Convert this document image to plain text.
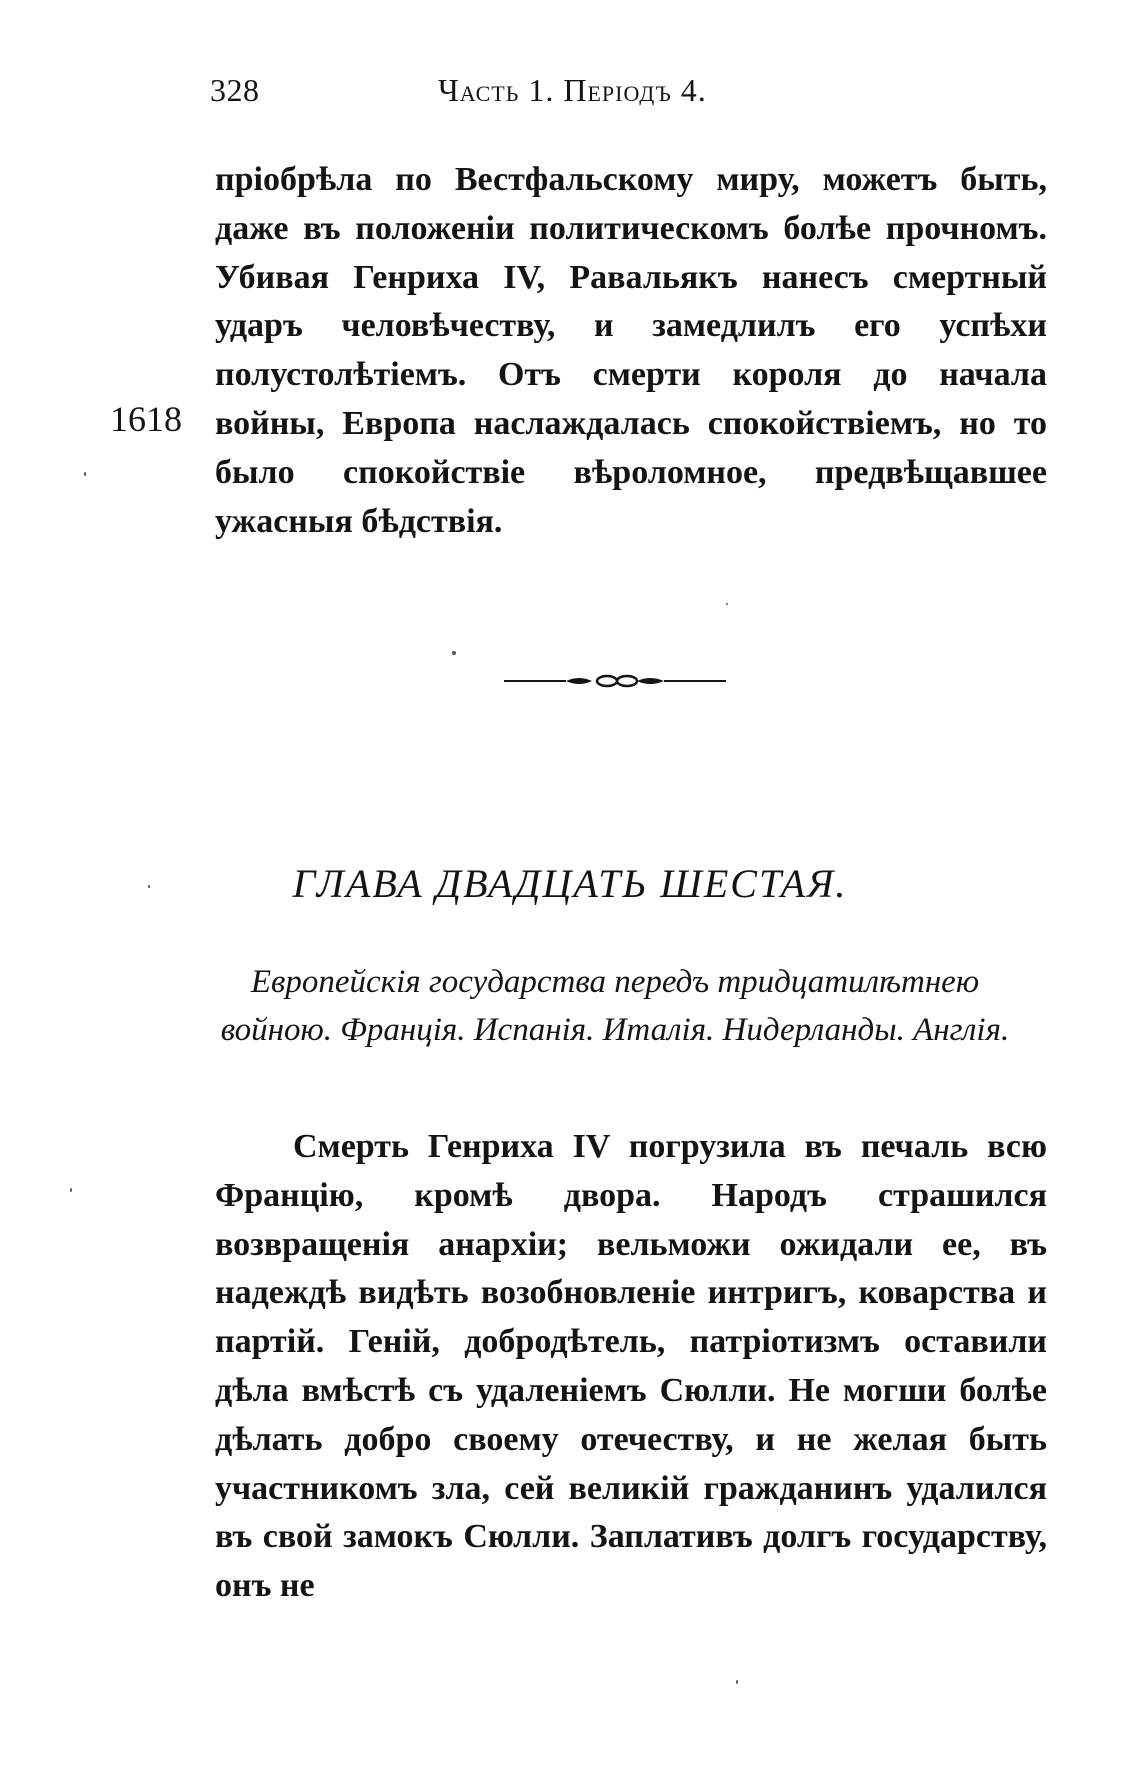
328	Часть 1. Періодъ 4.
1618

пріобрѣла по Вестфальскому миру, можетъ быть, даже въ положеніи политическомъ болѣе прочномъ. Убивая Генриха IV, Равальякъ нанесъ смертный ударъ человѣчеству, и замедлилъ его успѣхи полустолѣтіемъ. Отъ смерти короля до начала войны, Европа наслаждалась спокойствіемъ, но то было спокойствіе вѣроломное, предвѣщавшее ужасныя бѣдствія.

ГЛАВА ДВАДЦАТЬ ШЕСТАЯ.

Европейскія государства передъ тридцатилѣтнею войною. Франція. Испанія. Италія. Нидерланды. Англія.

Смерть Генриха IV погрузила въ печаль всю Францію, кромѣ двора. Народъ страшился возвращенія анархіи; вельможи ожидали ее, въ надеждѣ видѣть возобновленіе интригъ, коварства и партій. Геній, добродѣтель, патріотизмъ оставили дѣла вмѣстѣ съ удаленіемъ Сюлли. Не могши болѣе дѣлать добро своему отечеству, и не желая быть участникомъ зла, сей великій гражданинъ удалился въ свой замокъ Сюлли. Заплативъ долгъ государству, онъ не
